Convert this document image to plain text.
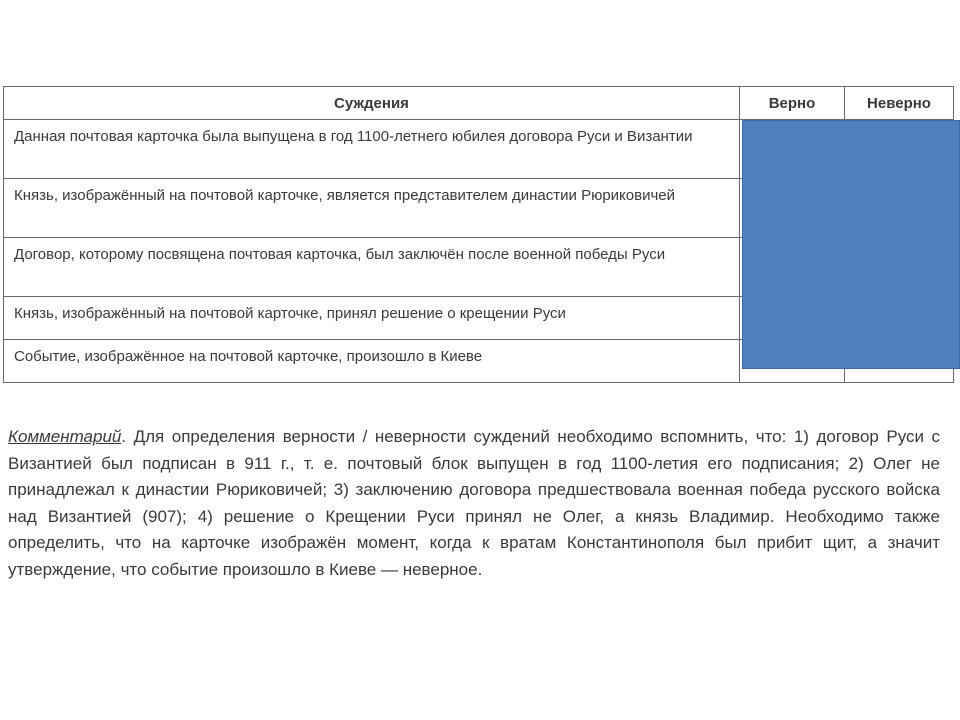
Суждения	Верно	Неверно
Данная почтовая карточка была выпущена в год 1100-летнего юбилея договора Руси и Византии		
Князь, изображённый на почтовой карточке, является представителем династии Рюриковичей		
Договор, которому посвящена почтовая карточка, был заключён после военной победы Руси		
Князь, изображённый на почтовой карточке, принял решение о крещении Руси		
Событие, изображённое на почтовой карточке, произошло в Киеве		

Комментарий. Для определения верности / неверности суждений необходимо вспомнить, что: 1) договор Руси с Византией был подписан в 911 г., т. е. почтовый блок выпущен в год 1100-летия его подписания; 2) Олег не принадлежал к династии Рюриковичей; 3) заключению договора предшествовала военная победа русского войска над Византией (907); 4) решение о Крещении Руси принял не Олег, а князь Владимир. Необходимо также определить, что на карточке изображён момент, когда к вратам Константинополя был прибит щит, а значит утверждение, что событие произошло в Киеве — неверное.
